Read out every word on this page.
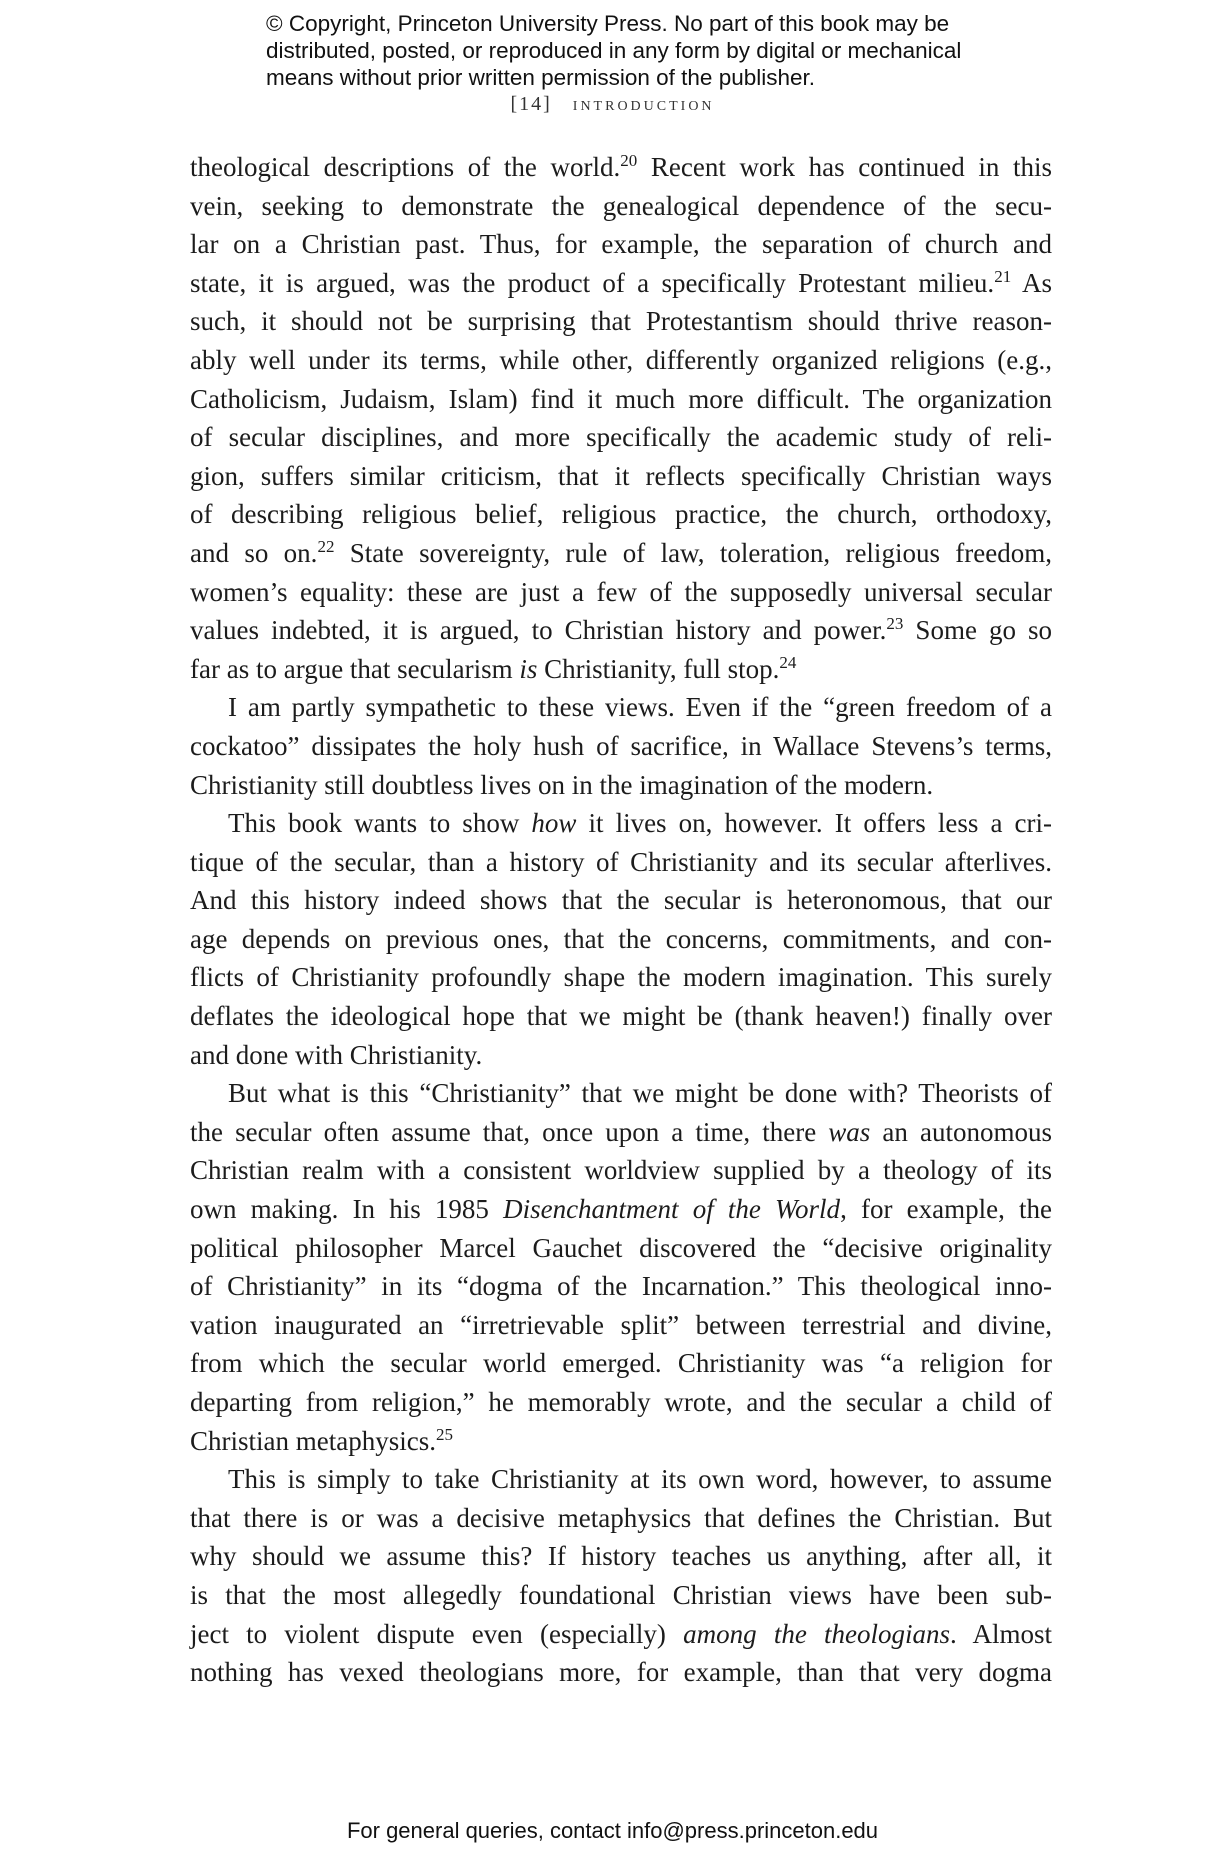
© Copyright, Princeton University Press. No part of this book may be
distributed, posted, or reproduced in any form by digital or mechanical
means without prior written permission of the publisher.
[14] introduction
theological descriptions of the world.$^{20}$ Recent work has continued in this
vein, seeking to demonstrate the genealogical dependence of the secu-
lar on a Christian past. Thus, for example, the separation of church and
state, it is argued, was the product of a specifically Protestant milieu.$^{21}$ As
such, it should not be surprising that Protestantism should thrive reason-
ably well under its terms, while other, differently organized religions (e.g.,
Catholicism, Judaism, Islam) find it much more difficult. The organization
of secular disciplines, and more specifically the academic study of reli-
gion, suffers similar criticism, that it reflects specifically Christian ways
of describing religious belief, religious practice, the church, orthodoxy,
and so on.$^{22}$ State sovereignty, rule of law, toleration, religious freedom,
women’s equality: these are just a few of the supposedly universal secular
values indebted, it is argued, to Christian history and power.$^{23}$ Some go so
far as to argue that secularism is Christianity, full stop.$^{24}$
I am partly sympathetic to these views. Even if the “green freedom of a
cockatoo” dissipates the holy hush of sacrifice, in Wallace Stevens’s terms,
Christianity still doubtless lives on in the imagination of the modern.
This book wants to show how it lives on, however. It offers less a cri-
tique of the secular, than a history of Christianity and its secular afterlives.
And this history indeed shows that the secular is heteronomous, that our
age depends on previous ones, that the concerns, commitments, and con-
flicts of Christianity profoundly shape the modern imagination. This surely
deflates the ideological hope that we might be (thank heaven!) finally over
and done with Christianity.
But what is this “Christianity” that we might be done with? Theorists of
the secular often assume that, once upon a time, there was an autonomous
Christian realm with a consistent worldview supplied by a theology of its
own making. In his 1985 Disenchantment of the World, for example, the
political philosopher Marcel Gauchet discovered the “decisive originality
of Christianity” in its “dogma of the Incarnation.” This theological inno-
vation inaugurated an “irretrievable split” between terrestrial and divine,
from which the secular world emerged. Christianity was “a religion for
departing from religion,” he memorably wrote, and the secular a child of
Christian metaphysics.$^{25}$
This is simply to take Christianity at its own word, however, to assume
that there is or was a decisive metaphysics that defines the Christian. But
why should we assume this? If history teaches us anything, after all, it
is that the most allegedly foundational Christian views have been sub-
ject to violent dispute even (especially) among the theologians. Almost
nothing has vexed theologians more, for example, than that very dogma
For general queries, contact info@press.princeton.edu
